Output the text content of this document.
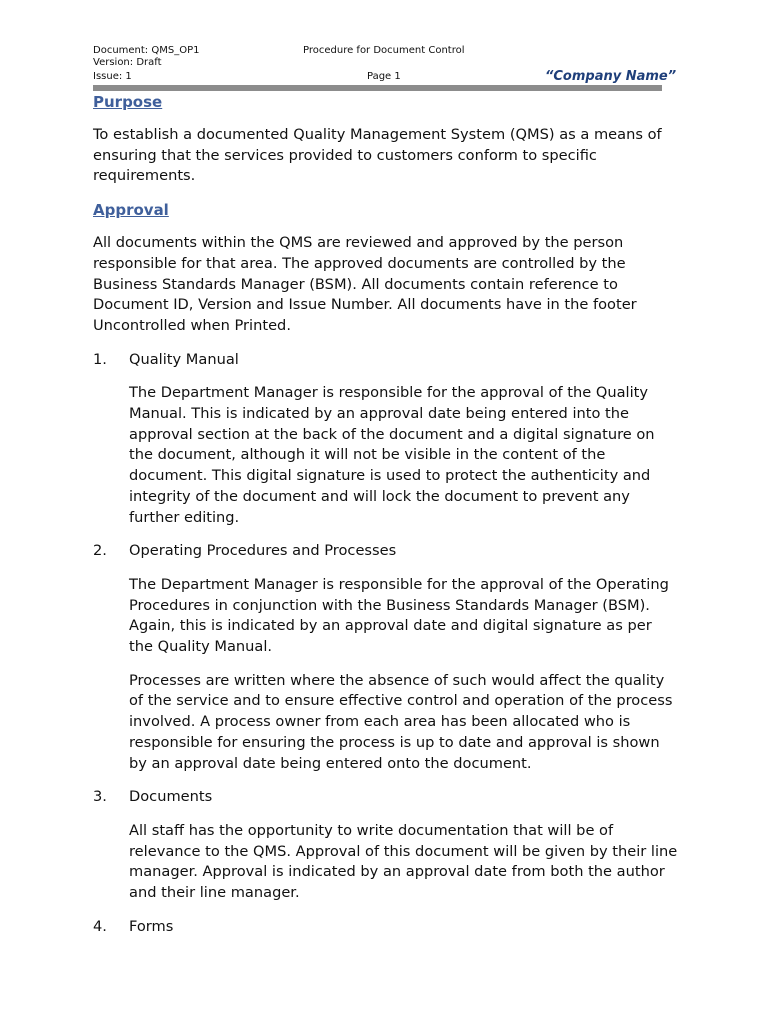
Document: QMS_OP1	Procedure for Document Control
Version: Draft
Issue: 1	Page 1	“Company Name”
Purpose

To establish a documented Quality Management System (QMS) as a means of ensuring that the services provided to customers conform to specific requirements.

Approval

All documents within the QMS are reviewed and approved by the person responsible for that area. The approved documents are controlled by the Business Standards Manager (BSM). All documents contain reference to Document ID, Version and Issue Number. All documents have in the footer Uncontrolled when Printed.

1.	Quality Manual

The Department Manager is responsible for the approval of the Quality Manual. This is indicated by an approval date being entered into the approval section at the back of the document and a digital signature on the document, although it will not be visible in the content of the document. This digital signature is used to protect the authenticity and integrity of the document and will lock the document to prevent any further editing.

2.	Operating Procedures and Processes

The Department Manager is responsible for the approval of the Operating Procedures in conjunction with the Business Standards Manager (BSM). Again, this is indicated by an approval date and digital signature as per the Quality Manual.

Processes are written where the absence of such would affect the quality of the service and to ensure effective control and operation of the process involved. A process owner from each area has been allocated who is responsible for ensuring the process is up to date and approval is shown by an approval date being entered onto the document.

3.	Documents

All staff has the opportunity to write documentation that will be of relevance to the QMS. Approval of this document will be given by their line manager. Approval is indicated by an approval date from both the author and their line manager.

4.	Forms
